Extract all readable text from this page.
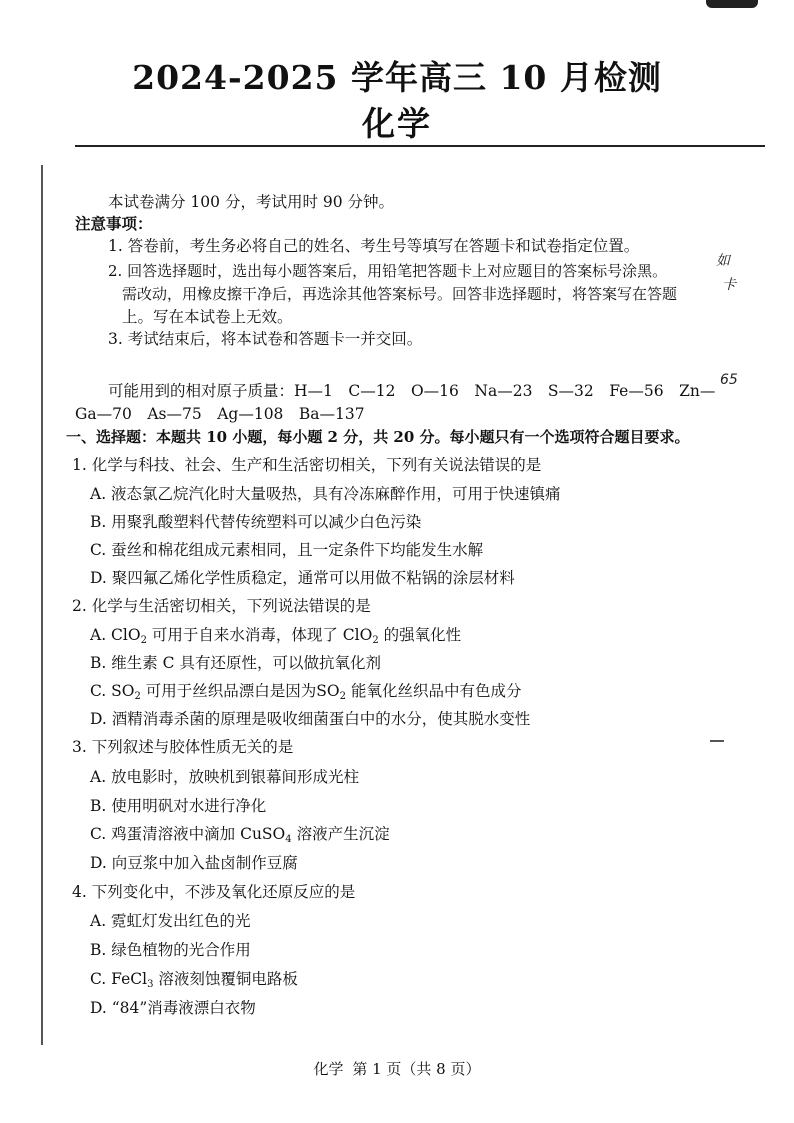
2024-2025 学年高三 10 月检测
化学
本试卷满分 100 分，考试用时 90 分钟。
注意事项：
1. 答卷前，考生务必将自己的姓名、考生号等填写在答题卡和试卷指定位置。
2. 回答选择题时，选出每小题答案后，用铅笔把答题卡上对应题目的答案标号涂黑。
如
需改动，用橡皮擦干净后，再选涂其他答案标号。回答非选择题时，将答案写在答题	卡
上。写在本试卷上无效。
3. 考试结束后，将本试卷和答题卡一并交回。
可能用到的相对原子质量：H—1　C—12　O—16　Na—23　S—32　Fe—56　Zn—
65
Ga—70　As—75　Ag—108　Ba—137
一、选择题：本题共 10 小题，每小题 2 分，共 20 分。每小题只有一个选项符合题目要求。
1. 化学与科技、社会、生产和生活密切相关，下列有关说法错误的是
A. 液态氯乙烷汽化时大量吸热，具有冷冻麻醉作用，可用于快速镇痛
B. 用聚乳酸塑料代替传统塑料可以减少白色污染
C. 蚕丝和棉花组成元素相同，且一定条件下均能发生水解
D. 聚四氟乙烯化学性质稳定，通常可以用做不粘锅的涂层材料
2. 化学与生活密切相关，下列说法错误的是
A. ClO$_2$ 可用于自来水消毒，体现了 ClO$_2$ 的强氧化性
B. 维生素 C 具有还原性，可以做抗氧化剂
C. $SO_2$ 可用于丝织品漂白是因为$SO_2$ 能氧化丝织品中有色成分
D. 酒精消毒杀菌的原理是吸收细菌蛋白中的水分，使其脱水变性
3. 下列叙述与胶体性质无关的是
A. 放电影时，放映机到银幕间形成光柱
B. 使用明矾对水进行净化
C. 鸡蛋清溶液中滴加 CuSO$_4$ 溶液产生沉淀
D. 向豆浆中加入盐卤制作豆腐
4. 下列变化中，不涉及氧化还原反应的是
A. 霓虹灯发出红色的光
B. 绿色植物的光合作用
C. FeCl$_3$ 溶液刻蚀覆铜电路板
D. “84”消毒液漂白衣物
化学 第 1 页（共 8 页）
